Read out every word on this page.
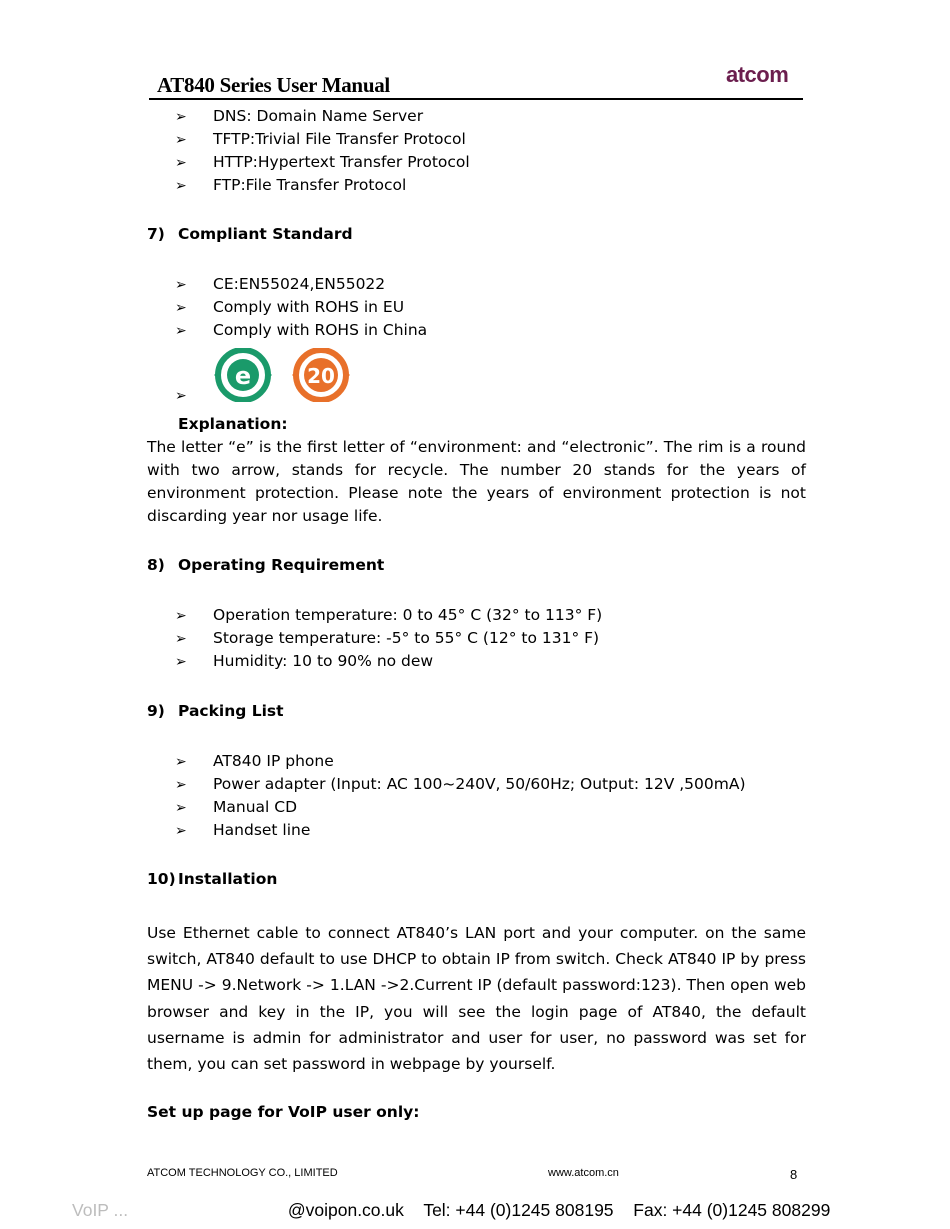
AT840 Series User Manual	atcom
➢ DNS: Domain Name Server
➢ TFTP:Trivial File Transfer Protocol
➢ HTTP:Hypertext Transfer Protocol
➢ FTP:File Transfer Protocol
7) Compliant Standard
➢ CE:EN55024,EN55022
➢ Comply with ROHS in EU
➢ Comply with ROHS in China
➢
e	20
Explanation:
The letter “e” is the first letter of “environment: and “electronic”. The rim is a round with two arrow, stands for recycle. The number 20 stands for the years of environment protection. Please note the years of environment protection is not discarding year nor usage life.
8) Operating Requirement
➢ Operation temperature: 0 to 45° C (32° to 113° F)
➢ Storage temperature: -5° to 55° C (12° to 131° F)
➢ Humidity: 10 to 90% no dew
9) Packing List
➢ AT840 IP phone
➢ Power adapter (Input: AC 100~240V, 50/60Hz; Output: 12V ,500mA)
➢ Manual CD
➢ Handset line
10) Installation
Use Ethernet cable to connect AT840’s LAN port and your computer. on the same switch, AT840 default to use DHCP to obtain IP from switch. Check AT840 IP by press MENU -> 9.Network -> 1.LAN ->2.Current IP (default password:123). Then open web browser and key in the IP, you will see the login page of AT840, the default username is admin for administrator and user for user, no password was set for them, you can set password in webpage by yourself.
Set up page for VoIP user only:
ATCOM TECHNOLOGY CO., LIMITED	www.atcom.cn	8
VoIP ...	@voipon.co.uk Tel: +44 (0)1245 808195 Fax: +44 (0)1245 808299
